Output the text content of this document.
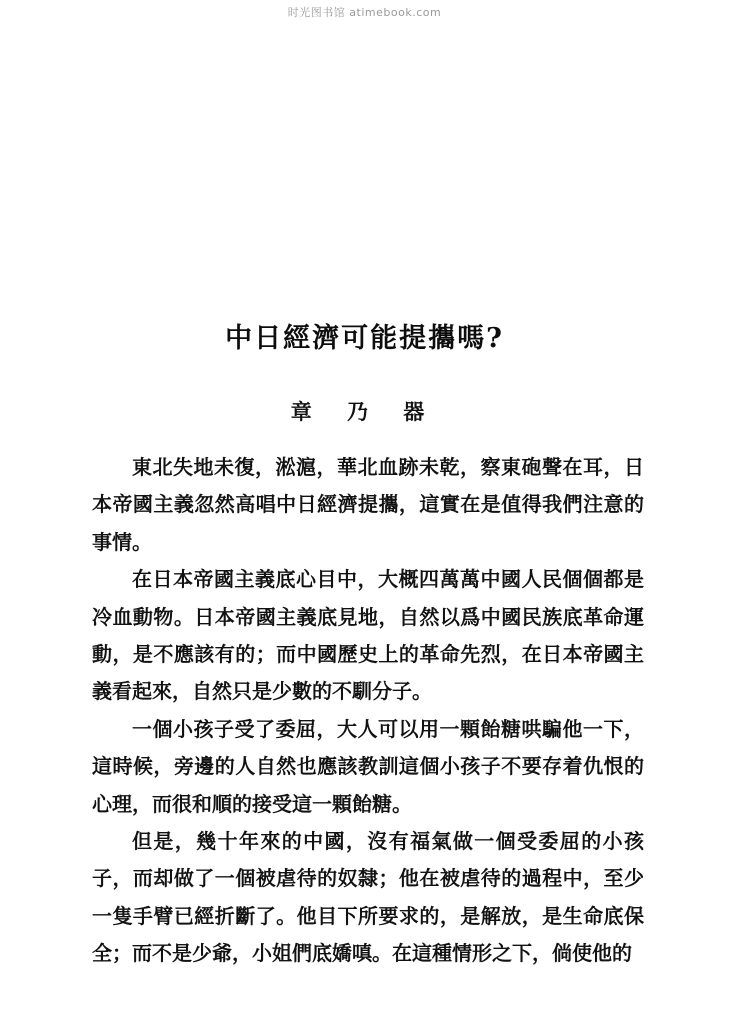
时光图书馆 atimebook.com
中日經濟可能提攜嗎?
章 乃 器

東北失地未復，淞滬，華北血跡未乾，察東砲聲在耳，日本帝國主義忽然高唱中日經濟提攜，這實在是值得我們注意的事情。

在日本帝國主義底心目中，大概四萬萬中國人民個個都是冷血動物。日本帝國主義底見地，自然以爲中國民族底革命運動，是不應該有的；而中國歷史上的革命先烈，在日本帝國主義看起來，自然只是少數的不馴分子。

一個小孩子受了委屈，大人可以用一顆飴糖哄騙他一下，這時候，旁邊的人自然也應該教訓這個小孩子不要存着仇恨的心理，而很和順的接受這一顆飴糖。

但是，幾十年來的中國，沒有福氣做一個受委屈的小孩子，而却做了一個被虐待的奴隸；他在被虐待的過程中，至少一隻手臂已經折斷了。他目下所要求的，是解放，是生命底保全；而不是少爺，小姐們底嬌嗔。在這種情形之下，倘使他的
